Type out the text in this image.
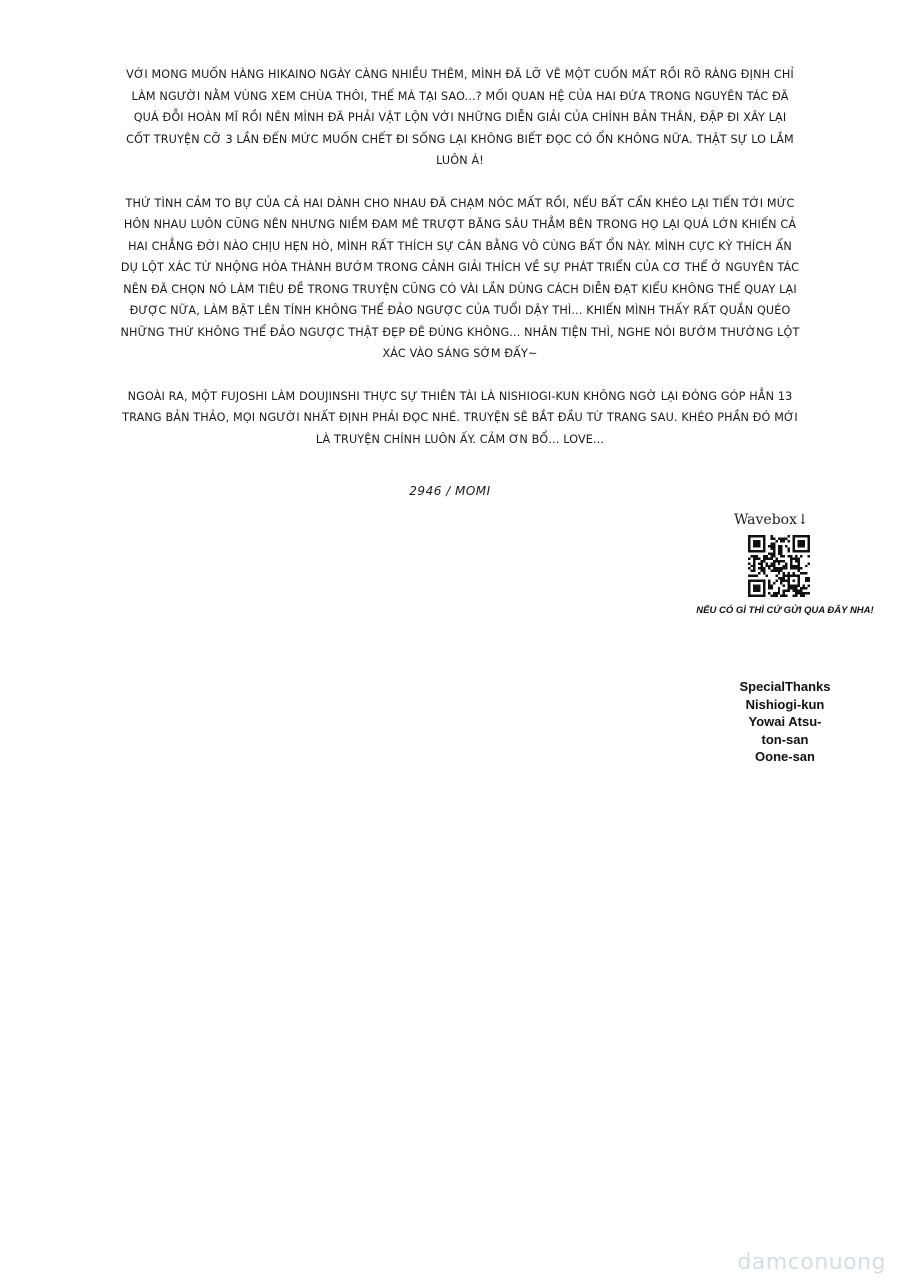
VỚI MONG MUỐN HÀNG HIKAINO NGÀY CÀNG NHIỀU THÊM, MÌNH ĐÃ LỠ VẼ MỘT CUỐN MẤT RỒI RÕ RÀNG ĐỊNH CHỈ LÀM NGƯỜI NẰM VÙNG XEM CHÙA THÔI, THẾ MÀ TẠI SAO...? MỐI QUAN HỆ CỦA HAI ĐỨA TRONG NGUYÊN TÁC ĐÃ QUÁ ĐỖI HOÀN MĨ RỒI NÊN MÌNH ĐÃ PHẢI VẬT LỘN VỚI NHỮNG DIỄN GIẢI CỦA CHÍNH BẢN THÂN, ĐẬP ĐI XÂY LẠI CỐT TRUYỆN CỠ 3 LẦN ĐẾN MỨC MUỐN CHẾT ĐI SỐNG LẠI KHÔNG BIẾT ĐỌC CÓ ỔN KHÔNG NỮA. THẬT SỰ LO LẮM LUÔN Á!

THỨ TÌNH CẢM TO BỰ CỦA CẢ HAI DÀNH CHO NHAU ĐÃ CHẠM NÓC MẤT RỒI, NẾU BẤT CẨN KHÉO LẠI TIẾN TỚI MỨC HÔN NHAU LUÔN CŨNG NÊN NHƯNG NIỀM ĐAM MÊ TRƯỢT BĂNG SÂU THẲM BÊN TRONG HỌ LẠI QUÁ LỚN KHIẾN CẢ HAI CHẲNG ĐỜI NÀO CHỊU HẸN HÒ, MÌNH RẤT THÍCH SỰ CÂN BẰNG VÔ CÙNG BẤT ỔN NÀY. MÌNH CỰC KỲ THÍCH ẨN DỤ LỘT XÁC TỪ NHỘNG HÓA THÀNH BƯỚM TRONG CẢNH GIẢI THÍCH VỀ SỰ PHÁT TRIỂN CỦA CƠ THỂ Ở NGUYÊN TÁC NÊN ĐÃ CHỌN NÓ LÀM TIÊU ĐỀ TRONG TRUYỆN CŨNG CÓ VÀI LẦN DÙNG CÁCH DIỄN ĐẠT KIỂU KHÔNG THỂ QUAY LẠI ĐƯỢC NỮA, LÀM BẬT LÊN TÍNH KHÔNG THỂ ĐẢO NGƯỢC CỦA TUỔI DẬY THÌ... KHIẾN MÌNH THẤY RẤT QUẮN QUÉO NHỮNG THỨ KHÔNG THỂ ĐẢO NGƯỢC THẬT ĐẸP ĐẼ ĐÚNG KHÔNG... NHÂN TIỆN THÌ, NGHE NÓI BƯỚM THƯỜNG LỘT XÁC VÀO SÁNG SỚM ĐẤY~

NGOÀI RA, MỘT FUJOSHI LÀM DOUJINSHI THỰC SỰ THIÊN TÀI LÀ NISHIOGI-KUN KHÔNG NGỜ LẠI ĐÓNG GÓP HẲN 13 TRANG BẢN THẢO, MỌI NGƯỜI NHẤT ĐỊNH PHẢI ĐỌC NHÉ. TRUYỆN SẼ BẮT ĐẦU TỪ TRANG SAU. KHÉO PHẦN ĐÓ MỚI LÀ TRUYỆN CHÍNH LUÔN ẤY. CẢM ƠN BỔ... LOVE...

2946 / MOMI
Wavebox↓
NẾU CÓ GÌ THÌ CỨ GỬI QUA ĐÂY NHA!
SpecialThanks
Nishiogi-kun
Yowai Atsu-
ton-san
Oone-san
damconuong
